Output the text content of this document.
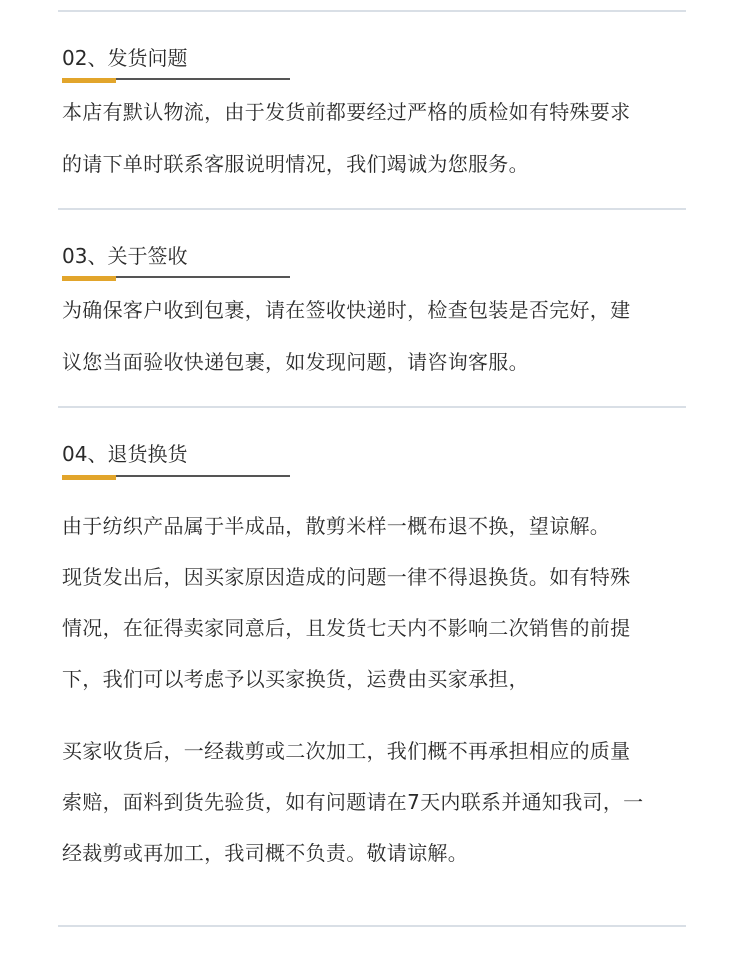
02、发货问题
本店有默认物流，由于发货前都要经过严格的质检如有特殊要求
的请下单时联系客服说明情况，我们竭诚为您服务。
03、关于签收
为确保客户收到包裹，请在签收快递时，检查包装是否完好，建
议您当面验收快递包裹，如发现问题，请咨询客服。
04、退货换货
由于纺织产品属于半成品，散剪米样一概布退不换，望谅解。
现货发出后，因买家原因造成的问题一律不得退换货。如有特殊
情况，在征得卖家同意后，且发货七天内不影响二次销售的前提
下，我们可以考虑予以买家换货，运费由买家承担，
买家收货后，一经裁剪或二次加工，我们概不再承担相应的质量
索赔，面料到货先验货，如有问题请在7天内联系并通知我司，一
经裁剪或再加工，我司概不负责。敬请谅解。
